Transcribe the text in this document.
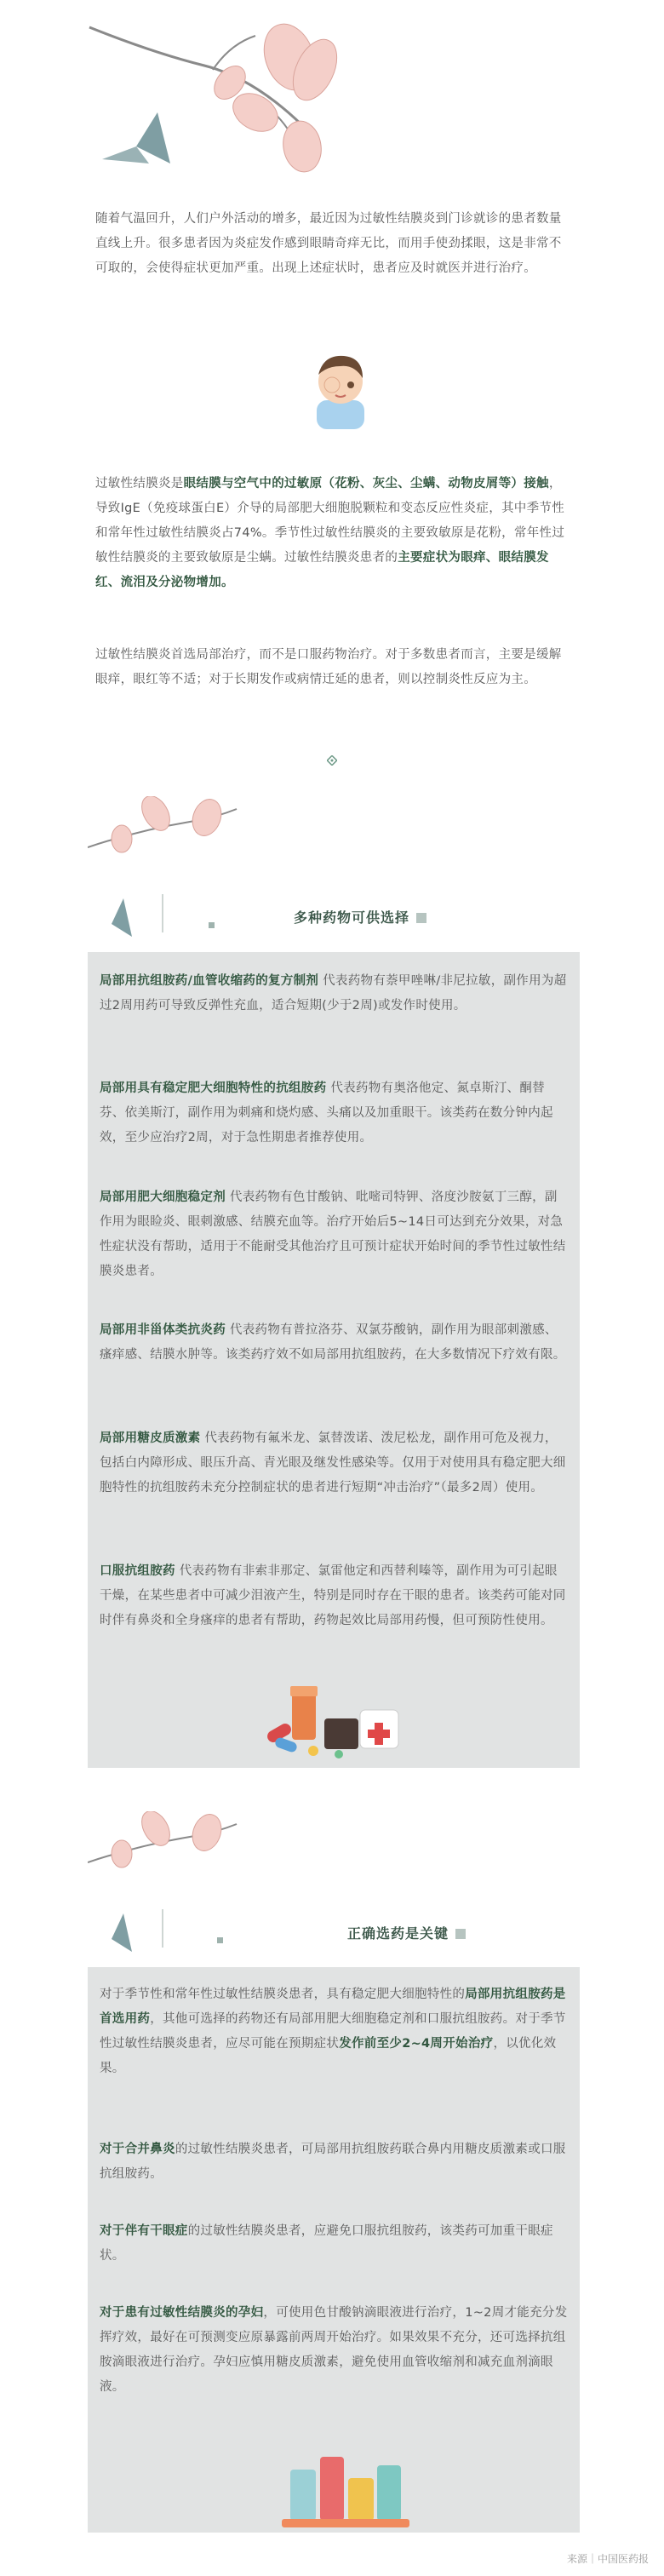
随着气温回升，人们户外活动的增多，最近因为过敏性结膜炎到门诊就诊的患者数量直线上升。很多患者因为炎症发作感到眼睛奇痒无比，而用手使劲揉眼，这是非常不可取的，会使得症状更加严重。出现上述症状时，患者应及时就医并进行治疗。
过敏性结膜炎是眼结膜与空气中的过敏原（花粉、灰尘、尘螨、动物皮屑等）接触，导致IgE（免疫球蛋白E）介导的局部肥大细胞脱颗粒和变态反应性炎症，其中季节性和常年性过敏性结膜炎占74%。季节性过敏性结膜炎的主要致敏原是花粉，常年性过敏性结膜炎的主要致敏原是尘螨。过敏性结膜炎患者的主要症状为眼痒、眼结膜发红、流泪及分泌物增加。
过敏性结膜炎首选局部治疗，而不是口服药物治疗。对于多数患者而言，主要是缓解眼痒，眼红等不适；对于长期发作或病情迁延的患者，则以控制炎性反应为主。
多种药物可供选择
局部用抗组胺药/血管收缩药的复方制剂 代表药物有萘甲唑啉/非尼拉敏，副作用为超过2周用药可导致反弹性充血，适合短期(少于2周)或发作时使用。
局部用具有稳定肥大细胞特性的抗组胺药 代表药物有奥洛他定、氮卓斯汀、酮替芬、依美斯汀，副作用为刺痛和烧灼感、头痛以及加重眼干。该类药在数分钟内起效，至少应治疗2周，对于急性期患者推荐使用。
局部用肥大细胞稳定剂 代表药物有色甘酸钠、吡嘧司特钾、洛度沙胺氨丁三醇，副作用为眼睑炎、眼刺激感、结膜充血等。治疗开始后5~14日可达到充分效果，对急性症状没有帮助，适用于不能耐受其他治疗且可预计症状开始时间的季节性过敏性结膜炎患者。
局部用非甾体类抗炎药 代表药物有普拉洛芬、双氯芬酸钠，副作用为眼部刺激感、瘙痒感、结膜水肿等。该类药疗效不如局部用抗组胺药，在大多数情况下疗效有限。
局部用糖皮质激素 代表药物有氟米龙、氯替泼诺、泼尼松龙，副作用可危及视力，包括白内障形成、眼压升高、青光眼及继发性感染等。仅用于对使用具有稳定肥大细胞特性的抗组胺药未充分控制症状的患者进行短期“冲击治疗”（最多2周）使用。
口服抗组胺药 代表药物有非索非那定、氯雷他定和西替利嗪等，副作用为可引起眼干燥，在某些患者中可减少泪液产生，特别是同时存在干眼的患者。该类药可能对同时伴有鼻炎和全身瘙痒的患者有帮助，药物起效比局部用药慢，但可预防性使用。
正确选药是关键
对于季节性和常年性过敏性结膜炎患者，具有稳定肥大细胞特性的局部用抗组胺药是首选用药，其他可选择的药物还有局部用肥大细胞稳定剂和口服抗组胺药。对于季节性过敏性结膜炎患者，应尽可能在预期症状发作前至少2~4周开始治疗，以优化效果。
对于合并鼻炎的过敏性结膜炎患者，可局部用抗组胺药联合鼻内用糖皮质激素或口服抗组胺药。
对于伴有干眼症的过敏性结膜炎患者，应避免口服抗组胺药，该类药可加重干眼症状。
对于患有过敏性结膜炎的孕妇，可使用色甘酸钠滴眼液进行治疗，1~2周才能充分发挥疗效，最好在可预测变应原暴露前两周开始治疗。如果效果不充分，还可选择抗组胺滴眼液进行治疗。孕妇应慎用糖皮质激素，避免使用血管收缩剂和减充血剂滴眼液。
来源｜中国医药报
